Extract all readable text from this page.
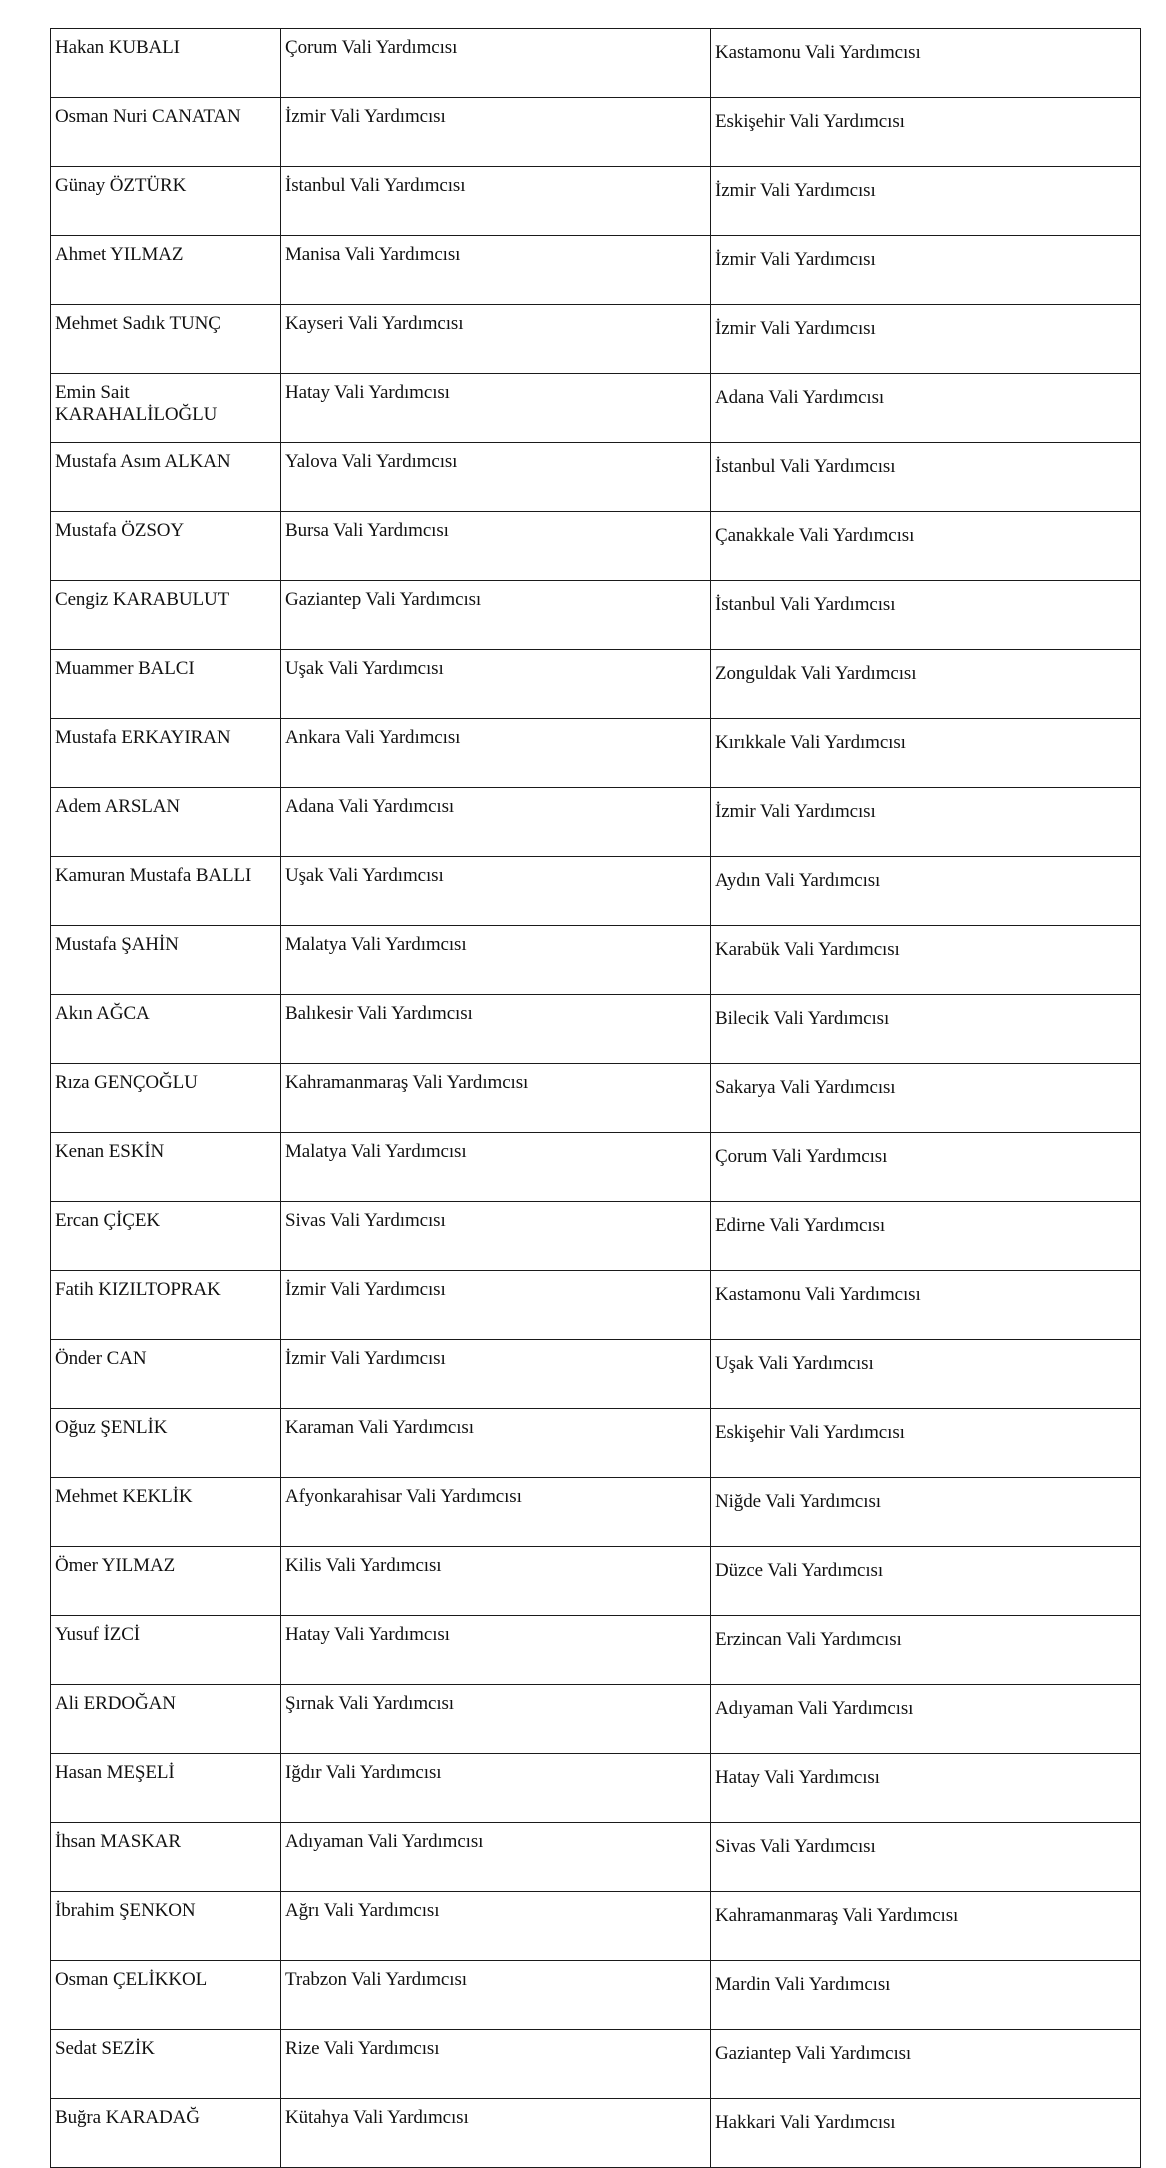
Hakan KUBALI	Çorum Vali Yardımcısı	Kastamonu Vali Yardımcısı
Osman Nuri CANATAN	İzmir Vali Yardımcısı	Eskişehir Vali Yardımcısı
Günay ÖZTÜRK	İstanbul Vali Yardımcısı	İzmir Vali Yardımcısı
Ahmet YILMAZ	Manisa Vali Yardımcısı	İzmir Vali Yardımcısı
Mehmet Sadık TUNÇ	Kayseri Vali Yardımcısı	İzmir Vali Yardımcısı
Emin Sait KARAHALİLOĞLU	Hatay Vali Yardımcısı	Adana Vali Yardımcısı
Mustafa Asım ALKAN	Yalova Vali Yardımcısı	İstanbul Vali Yardımcısı
Mustafa ÖZSOY	Bursa Vali Yardımcısı	Çanakkale Vali Yardımcısı
Cengiz KARABULUT	Gaziantep Vali Yardımcısı	İstanbul Vali Yardımcısı
Muammer BALCI	Uşak Vali Yardımcısı	Zonguldak Vali Yardımcısı
Mustafa ERKAYIRAN	Ankara Vali Yardımcısı	Kırıkkale Vali Yardımcısı
Adem ARSLAN	Adana Vali Yardımcısı	İzmir Vali Yardımcısı
Kamuran Mustafa BALLI	Uşak Vali Yardımcısı	Aydın Vali Yardımcısı
Mustafa ŞAHİN	Malatya Vali Yardımcısı	Karabük Vali Yardımcısı
Akın AĞCA	Balıkesir Vali Yardımcısı	Bilecik Vali Yardımcısı
Rıza GENÇOĞLU	Kahramanmaraş Vali Yardımcısı	Sakarya Vali Yardımcısı
Kenan ESKİN	Malatya Vali Yardımcısı	Çorum Vali Yardımcısı
Ercan ÇİÇEK	Sivas Vali Yardımcısı	Edirne Vali Yardımcısı
Fatih KIZILTOPRAK	İzmir Vali Yardımcısı	Kastamonu Vali Yardımcısı
Önder CAN	İzmir Vali Yardımcısı	Uşak Vali Yardımcısı
Oğuz ŞENLİK	Karaman Vali Yardımcısı	Eskişehir Vali Yardımcısı
Mehmet KEKLİK	Afyonkarahisar Vali Yardımcısı	Niğde Vali Yardımcısı
Ömer YILMAZ	Kilis Vali Yardımcısı	Düzce Vali Yardımcısı
Yusuf İZCİ	Hatay Vali Yardımcısı	Erzincan Vali Yardımcısı
Ali ERDOĞAN	Şırnak Vali Yardımcısı	Adıyaman Vali Yardımcısı
Hasan MEŞELİ	Iğdır Vali Yardımcısı	Hatay Vali Yardımcısı
İhsan MASKAR	Adıyaman Vali Yardımcısı	Sivas Vali Yardımcısı
İbrahim ŞENKON	Ağrı Vali Yardımcısı	Kahramanmaraş Vali Yardımcısı
Osman ÇELİKKOL	Trabzon Vali Yardımcısı	Mardin Vali Yardımcısı
Sedat SEZİK	Rize Vali Yardımcısı	Gaziantep Vali Yardımcısı
Buğra KARADAĞ	Kütahya Vali Yardımcısı	Hakkari Vali Yardımcısı
